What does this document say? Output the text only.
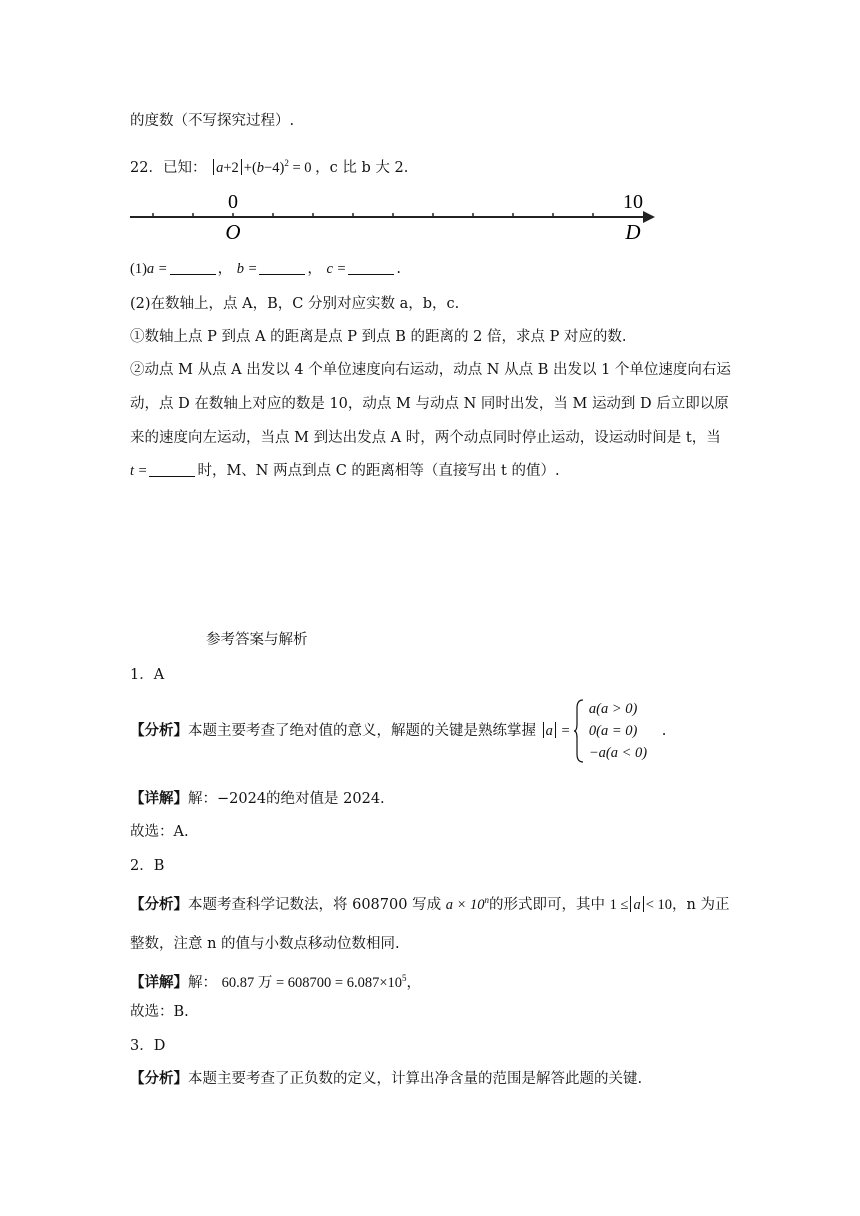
的度数（不写探究过程）.
22．已知： $a+2 +(b-4)^2 = 0$ ，c 比 b 大 2.
0	10
O	D
(1)a =	， b =	， c =	.
(2)在数轴上，点 A，B，C 分别对应实数 a，b，c.
①数轴上点 P 到点 A 的距离是点 P 到点 B 的距离的 2 倍，求点 P 对应的数.
②动点 M 从点 A 出发以 4 个单位速度向右运动，动点 N 从点 B 出发以 1 个单位速度向右运
动，点 D 在数轴上对应的数是 10，动点 M 与动点 N 同时出发，当 M 运动到 D 后立即以原
来的速度向左运动，当点 M 到达出发点 A 时，两个动点同时停止运动，设运动时间是 t，当
t =	时，M、N 两点到点 C 的距离相等（直接写出 t 的值）.
参考答案与解析
1．A
【分析】本题主要考查了绝对值的意义，解题的关键是熟练掌握 a =  a(a > 0)
0(a = 0)
−a(a < 0) .
【详解】解：−2024的绝对值是 2024.
故选：A.
2．B
【分析】本题考查科学记数法，将 608700 写成 $a \times 10^n$的形式即可，其中 1 ≤ a < 10，n 为正
整数，注意 n 的值与小数点移动位数相同.
【详解】解： 60.87 万 = $608700 = 6.087\times 10^5$，
故选：B.
3．D
【分析】本题主要考查了正负数的定义，计算出净含量的范围是解答此题的关键.
